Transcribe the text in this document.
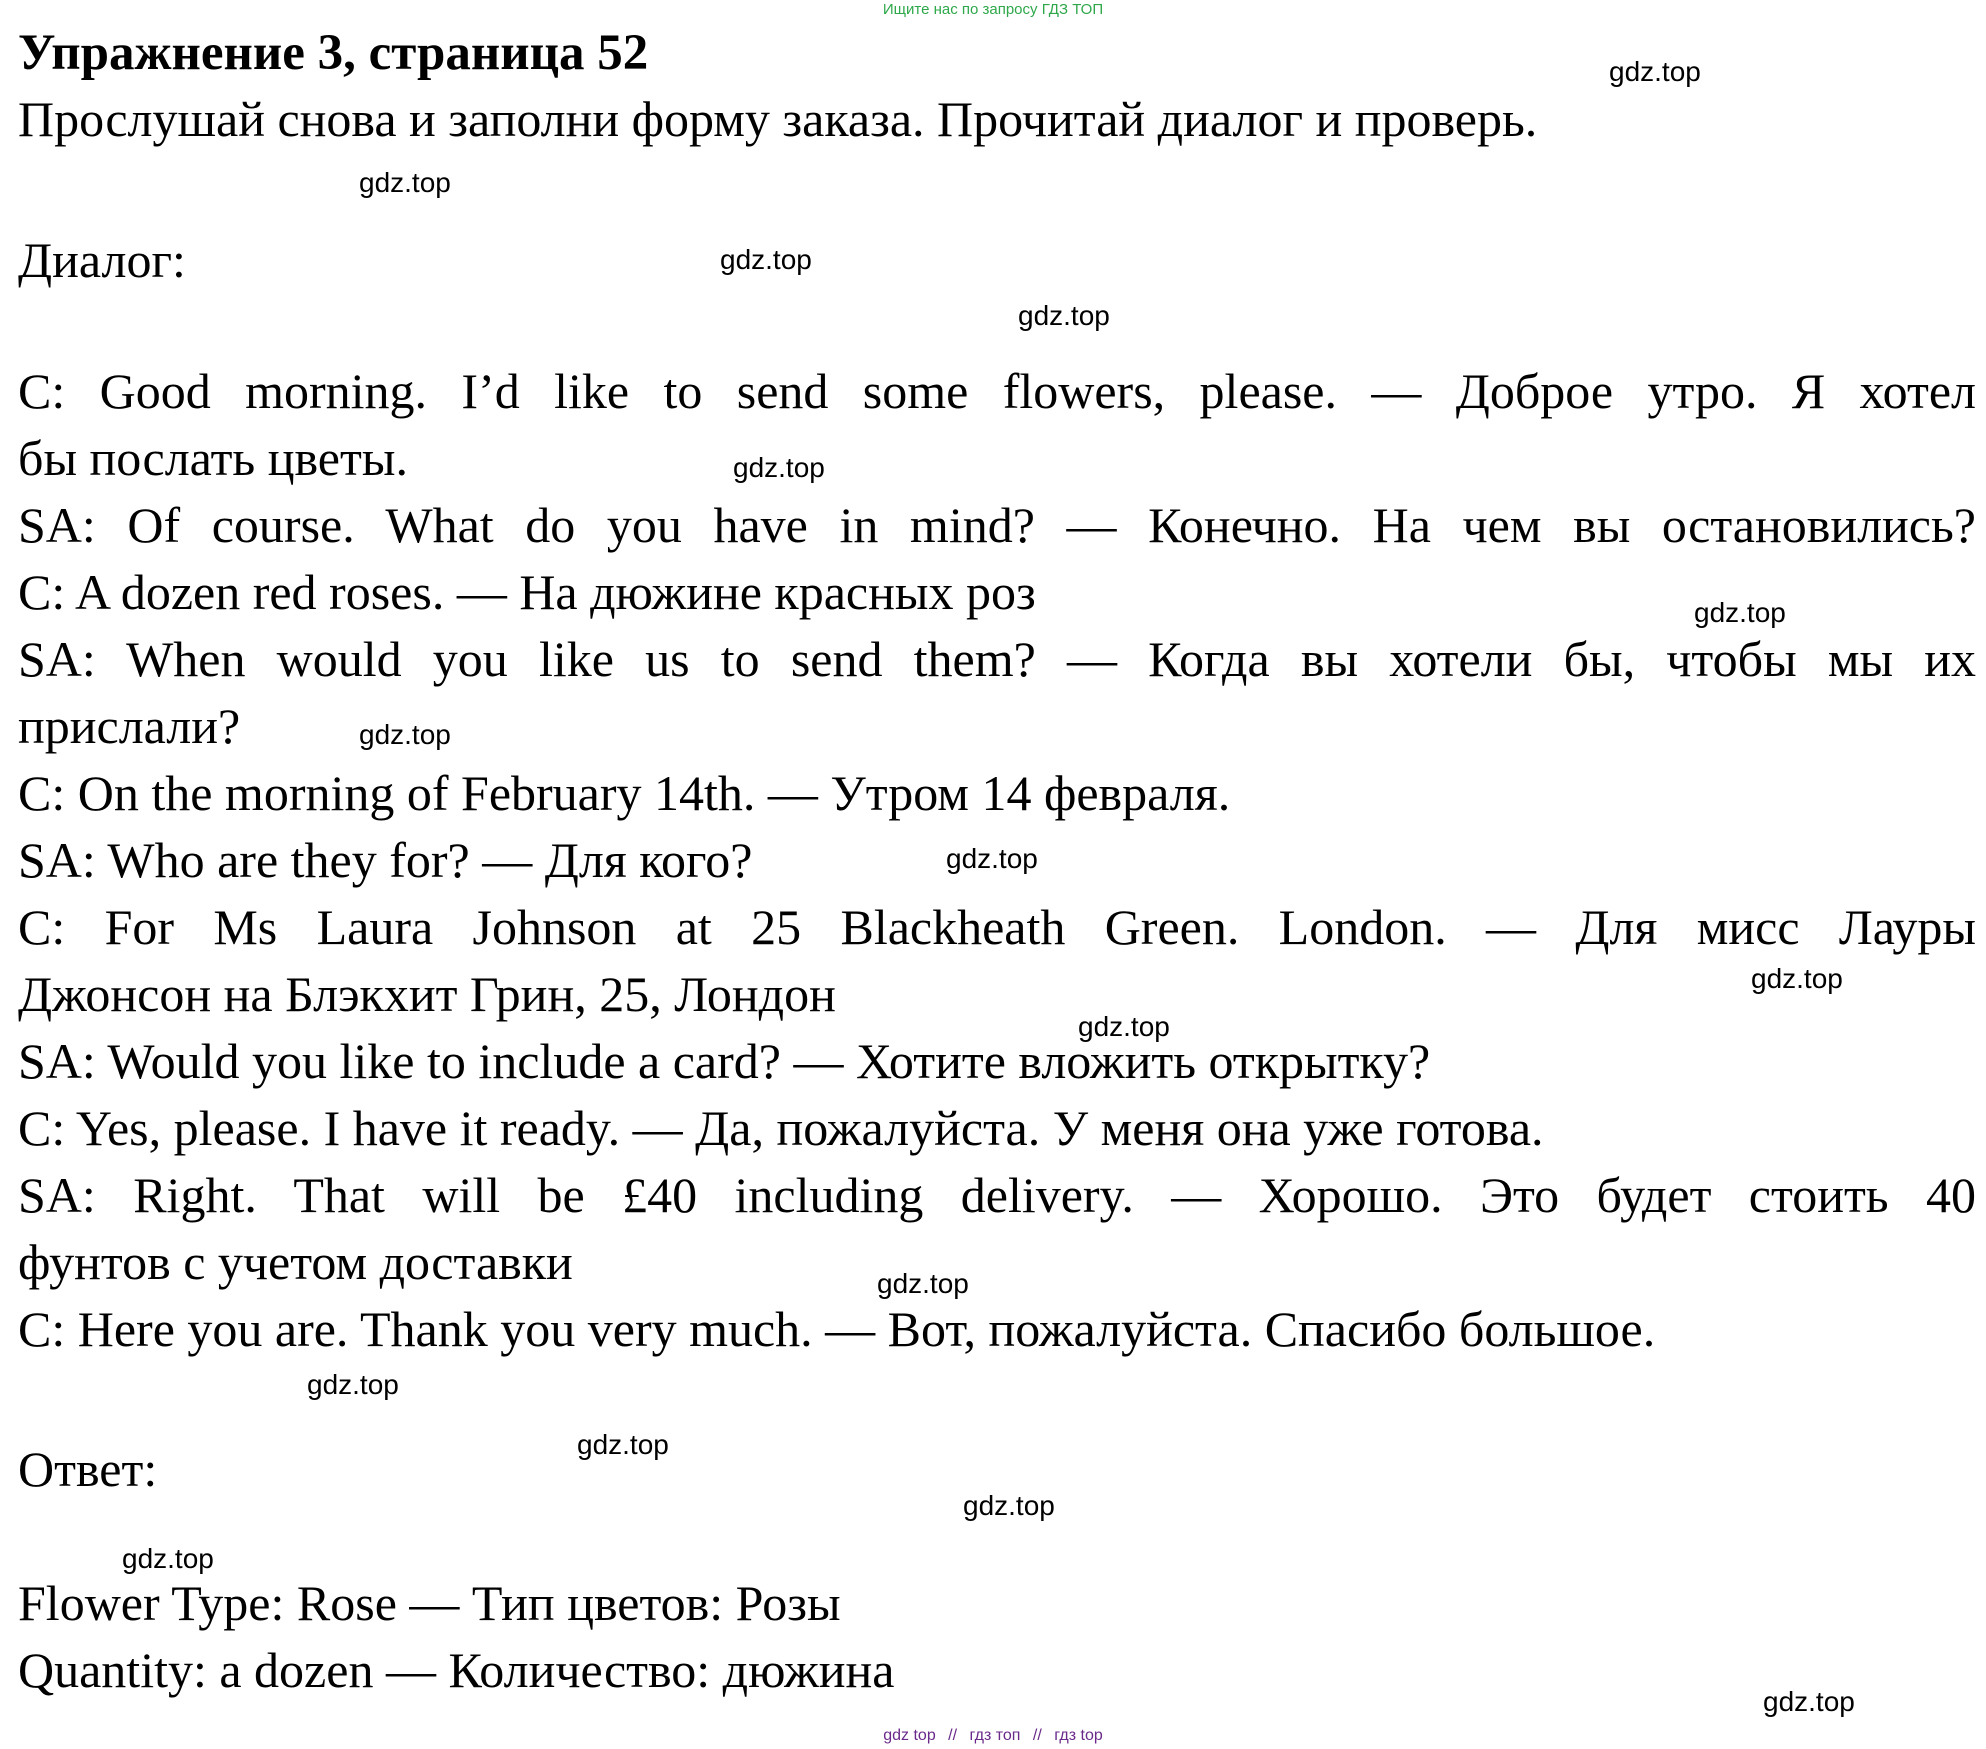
Ищите нас по запросу ГДЗ ТОП
Упражнение 3, страница 52
Прослушай снова и заполни форму заказа. Прочитай диалог и проверь.
Диалог:
C: Good morning. I’d like to send some flowers, please. — Доброе утро. Я хотел
бы послать цветы.
SA: Of course. What do you have in mind? — Конечно. На чем вы остановились?
C: A dozen red roses. — На дюжине красных роз
SA: When would you like us to send them? — Когда вы хотели бы, чтобы мы их
прислали?
C: On the morning of February 14th. — Утром 14 февраля.
SA: Who are they for? — Для кого?
C: For Ms Laura Johnson at 25 Blackheath Green. London. — Для мисс Лауры
Джонсон на Блэкхит Грин, 25, Лондон
SA: Would you like to include a card? — Хотите вложить открытку?
C: Yes, please. I have it ready. — Да, пожалуйста. У меня она уже готова.
SA: Right. That will be £40 including delivery. — Хорошо. Это будет стоить 40
фунтов с учетом доставки
C: Here you are. Thank you very much. — Вот, пожалуйста. Спасибо большое.
Ответ:
Flower Type: Rose — Тип цветов: Розы
Quantity: a dozen — Количество: дюжина
gdz.top
gdz.top
gdz.top
gdz.top
gdz.top
gdz.top
gdz.top
gdz.top
gdz.top
gdz.top
gdz.top
gdz.top
gdz.top
gdz.top
gdz.top
gdz.top
gdz top // гдз топ // гдз top
